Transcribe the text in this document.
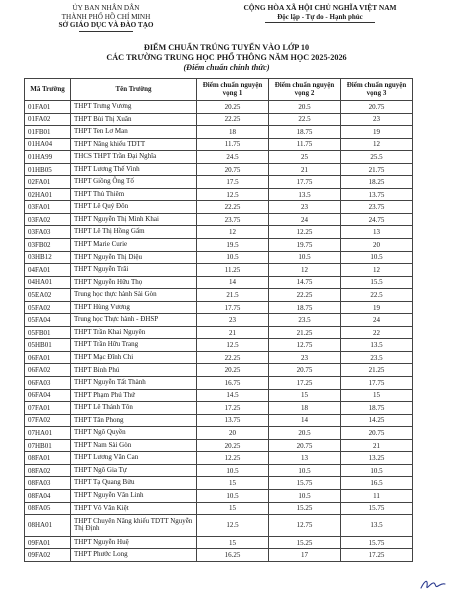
ỦY BAN NHÂN DÂN
THÀNH PHỐ HỒ CHÍ MINH
SỞ GIÁO DỤC VÀ ĐÀO TẠO
CỘNG HÒA XÃ HỘI CHỦ NGHĨA VIỆT NAM
Độc lập - Tự do - Hạnh phúc
ĐIỂM CHUẨN TRÚNG TUYỂN VÀO LỚP 10
CÁC TRƯỜNG TRUNG HỌC PHỔ THÔNG NĂM HỌC 2025-2026
(Điểm chuẩn chính thức)
Mã Trường	Tên Trường	Điểm chuẩn nguyện vọng 1	Điểm chuẩn nguyện vọng 2	Điểm chuẩn nguyện vọng 3
01FA01	THPT Trưng Vương	20.25	20.5	20.75
01FA02	THPT Bùi Thị Xuân	22.25	22.5	23
01FB01	THPT Ten Lơ Man	18	18.75	19
01HA04	THPT Năng khiếu TDTT	11.75	11.75	12
01HA99	THCS THPT Trần Đại Nghĩa	24.5	25	25.5
01HB05	THPT Lương Thế Vinh	20.75	21	21.75
02FA01	THPT Giồng Ông Tố	17.5	17.75	18.25
02HA01	THPT Thủ Thiêm	12.5	13.5	13.75
03FA01	THPT Lê Quý Đôn	22.25	23	23.75
03FA02	THPT Nguyễn Thị Minh Khai	23.75	24	24.75
03FA03	THPT Lê Thị Hồng Gấm	12	12.25	13
03FB02	THPT Marie Curie	19.5	19.75	20
03HB12	THPT Nguyễn Thị Diệu	10.5	10.5	10.5
04FA01	THPT Nguyễn Trãi	11.25	12	12
04HA01	THPT Nguyễn Hữu Thọ	14	14.75	15.5
05EA02	Trung học thực hành Sài Gòn	21.5	22.25	22.5
05FA02	THPT Hùng Vương	17.75	18.75	19
05FA04	Trung học Thực hành - ĐHSP	23	23.5	24
05FB01	THPT Trần Khai Nguyên	21	21.25	22
05HB01	THPT Trần Hữu Trang	12.5	12.75	13.5
06FA01	THPT Mạc Đĩnh Chi	22.25	23	23.5
06FA02	THPT Bình Phú	20.25	20.75	21.25
06FA03	THPT Nguyễn Tất Thành	16.75	17.25	17.75
06FA04	THPT Phạm Phú Thứ	14.5	15	15
07FA01	THPT Lê Thánh Tôn	17.25	18	18.75
07FA02	THPT Tân Phong	13.75	14	14.25
07HA01	THPT Ngô Quyền	20	20.5	20.75
07HB01	THPT Nam Sài Gòn	20.25	20.75	21
08FA01	THPT Lương Văn Can	12.25	13	13.25
08FA02	THPT Ngô Gia Tự	10.5	10.5	10.5
08FA03	THPT Tạ Quang Bửu	15	15.75	16.5
08FA04	THPT Nguyễn Văn Linh	10.5	10.5	11
08FA05	THPT Võ Văn Kiệt	15	15.25	15.75
08HA01	THPT Chuyên Năng khiếu TDTT Nguyễn Thị Định	12.5	12.75	13.5
09FA01	THPT Nguyễn Huệ	15	15.25	15.75
09FA02	THPT Phước Long	16.25	17	17.25
